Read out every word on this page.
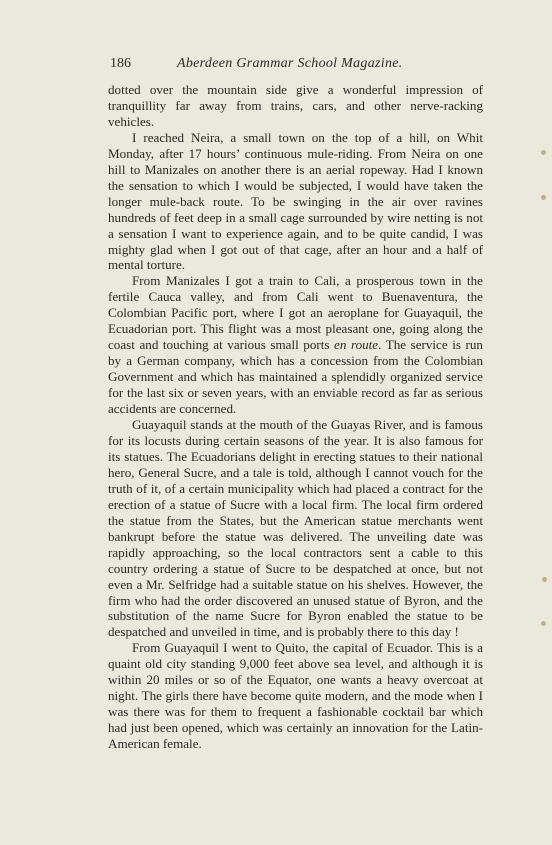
186	Aberdeen Grammar School Magazine.

dotted over the mountain side give a wonderful impression of tranquillity far away from trains, cars, and other nerve-racking vehicles.

I reached Neira, a small town on the top of a hill, on Whit Monday, after 17 hours’ continuous mule-riding. From Neira on one hill to Manizales on another there is an aerial ropeway. Had I known the sensation to which I would be subjected, I would have taken the longer mule-back route. To be swinging in the air over ravines hundreds of feet deep in a small cage surrounded by wire netting is not a sensation I want to experience again, and to be quite candid, I was mighty glad when I got out of that cage, after an hour and a half of mental torture.

From Manizales I got a train to Cali, a prosperous town in the fertile Cauca valley, and from Cali went to Buenaventura, the Colombian Pacific port, where I got an aeroplane for Guayaquil, the Ecuadorian port. This flight was a most pleasant one, going along the coast and touching at various small ports en route. The service is run by a German company, which has a concession from the Colombian Government and which has maintained a splendidly organized service for the last six or seven years, with an enviable record as far as serious accidents are concerned.

Guayaquil stands at the mouth of the Guayas River, and is famous for its locusts during certain seasons of the year. It is also famous for its statues. The Ecuadorians delight in erecting statues to their national hero, General Sucre, and a tale is told, although I cannot vouch for the truth of it, of a certain municipality which had placed a contract for the erection of a statue of Sucre with a local firm. The local firm ordered the statue from the States, but the American statue merchants went bankrupt before the statue was delivered. The unveiling date was rapidly approaching, so the local contractors sent a cable to this country ordering a statue of Sucre to be despatched at once, but not even a Mr. Selfridge had a suitable statue on his shelves. However, the firm who had the order discovered an unused statue of Byron, and the substitution of the name Sucre for Byron enabled the statue to be despatched and unveiled in time, and is probably there to this day !

From Guayaquil I went to Quito, the capital of Ecuador. This is a quaint old city standing 9,000 feet above sea level, and although it is within 20 miles or so of the Equator, one wants a heavy overcoat at night. The girls there have become quite modern, and the mode when I was there was for them to frequent a fashionable cocktail bar which had just been opened, which was certainly an innovation for the Latin-American female.
